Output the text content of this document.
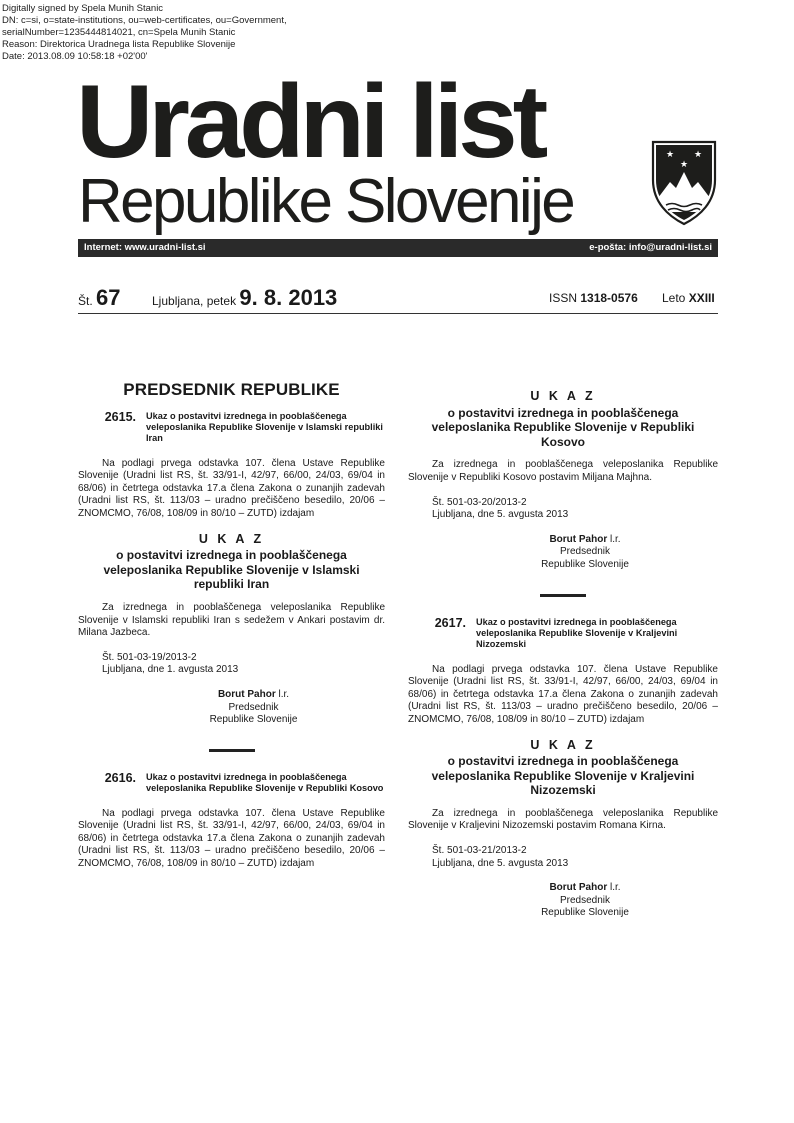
Digitally signed by Spela Munih Stanic
DN: c=si, o=state-institutions, ou=web-certificates, ou=Government,
serialNumber=1235444814021, cn=Spela Munih Stanic
Reason: Direktorica Uradnega lista Republike Slovenije
Date: 2013.08.09 10:58:18 +02'00'
Uradni list
Republike Slovenije
★ ★
★
Internet: www.uradni-list.si	e-pošta: info@uradni-list.si
Št. 67	Ljubljana, petek 9. 8. 2013	ISSN 1318-0576 Leto XXIII
PREDSEDNIK REPUBLIKE
2615.	Ukaz o postavitvi izrednega in pooblaščenega veleposlanika Republike Slovenije v Islamski republiki Iran
Na podlagi prvega odstavka 107. člena Ustave Republike Slovenije (Uradni list RS, št. 33/91-I, 42/97, 66/00, 24/03, 69/04 in 68/06) in četrtega odstavka 17.a člena Zakona o zunanjih zadevah (Uradni list RS, št. 113/03 – uradno prečiščeno besedilo, 20/06 – ZNOMCMO, 76/08, 108/09 in 80/10 – ZUTD) izdajam
U K A Z
o postavitvi izrednega in pooblaščenega veleposlanika Republike Slovenije v Islamski republiki Iran
Za izrednega in pooblaščenega veleposlanika Republike Slovenije v Islamski republiki Iran s sedežem v Ankari postavim dr. Milana Jazbeca.
Št. 501-03-19/2013-2
Ljubljana, dne 1. avgusta 2013
Borut Pahor l.r.
Predsednik
Republike Slovenije
2616.	Ukaz o postavitvi izrednega in pooblaščenega veleposlanika Republike Slovenije v Republiki Kosovo
Na podlagi prvega odstavka 107. člena Ustave Republike Slovenije (Uradni list RS, št. 33/91-I, 42/97, 66/00, 24/03, 69/04 in 68/06) in četrtega odstavka 17.a člena Zakona o zunanjih zadevah (Uradni list RS, št. 113/03 – uradno prečiščeno besedilo, 20/06 – ZNOMCMO, 76/08, 108/09 in 80/10 – ZUTD) izdajam
U K A Z
o postavitvi izrednega in pooblaščenega veleposlanika Republike Slovenije v Republiki Kosovo
Za izrednega in pooblaščenega veleposlanika Republike Slovenije v Republiki Kosovo postavim Miljana Majhna.
Št. 501-03-20/2013-2
Ljubljana, dne 5. avgusta 2013
Borut Pahor l.r.
Predsednik
Republike Slovenije
2617.	Ukaz o postavitvi izrednega in pooblaščenega veleposlanika Republike Slovenije v Kraljevini Nizozemski
Na podlagi prvega odstavka 107. člena Ustave Republike Slovenije (Uradni list RS, št. 33/91-I, 42/97, 66/00, 24/03, 69/04 in 68/06) in četrtega odstavka 17.a člena Zakona o zunanjih zadevah (Uradni list RS, št. 113/03 – uradno prečiščeno besedilo, 20/06 – ZNOMCMO, 76/08, 108/09 in 80/10 – ZUTD) izdajam
U K A Z
o postavitvi izrednega in pooblaščenega veleposlanika Republike Slovenije v Kraljevini Nizozemski
Za izrednega in pooblaščenega veleposlanika Republike Slovenije v Kraljevini Nizozemski postavim Romana Kirna.
Št. 501-03-21/2013-2
Ljubljana, dne 5. avgusta 2013
Borut Pahor l.r.
Predsednik
Republike Slovenije
